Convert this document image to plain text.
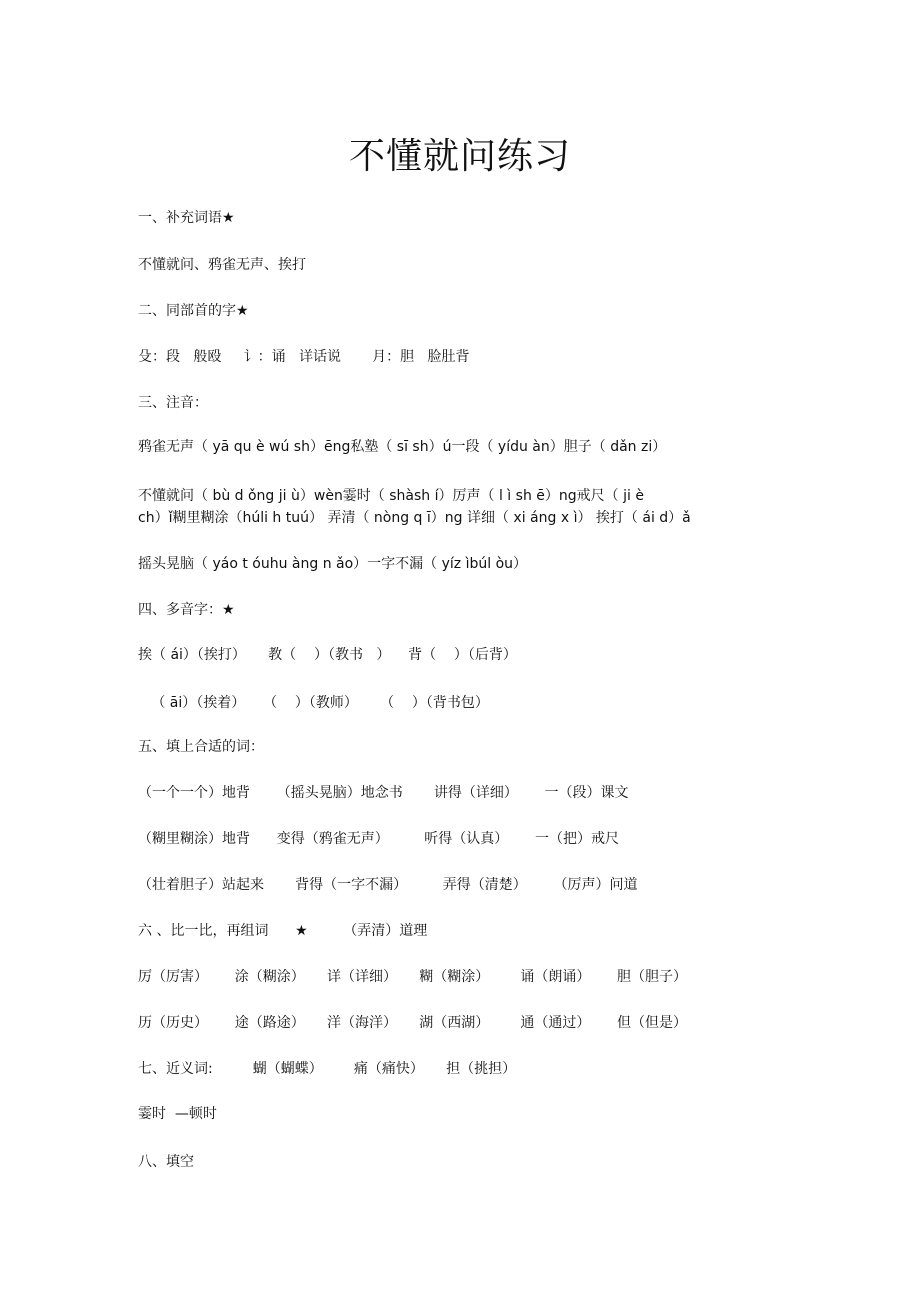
不懂就问练习
一、补充词语★
不懂就问、鸦雀无声、挨打
二、同部首的字★
殳：段   般殴     讠：诵   详话说       月：胆   脸肚背
三、注音：
鸦雀无声（ yā qu è wú sh）ēng私塾（ sī sh）ú一段（ yídu àn）胆子（ dǎn zi）
不懂就问（ bù d ǒng ji ù）wèn霎时（ shàsh í）厉声（ l ì sh ē）ng戒尺（ ji è
ch）ǐ糊里糊涂（húli h tuú） 弄清（ nòng q ī）ng 详细（ xi áng x ì） 挨打（ ái d）ǎ
摇头晃脑（ yáo t óuhu àng n ǎo）一字不漏（ yíz ìbúl òu）
四、多音字：★
挨（ ái）（挨打）     教（    ）（教书   ）    背（    ）（后背）
（ āi）（挨着）    （    ）（教师）     （    ）（背书包）
五、填上合适的词：
（一个一个）地背      （摇头晃脑）地念书       讲得（详细）      一（段）课文
（糊里糊涂）地背      变得（鸦雀无声）        听得（认真）      一（把）戒尺
（壮着胆子）站起来       背得（一字不漏）        弄得（清楚）      （厉声）问道
六 、比一比，再组词      ★        （弄清）道理
厉（厉害）      涂（糊涂）     详（详细）     糊（糊涂）       诵（朗诵）      胆（胆子）
历（历史）      途（路途）     洋（海洋）     湖（西湖）       通（通过）      但（但是）
七、近义词:         蝴（蝴蝶）       痛（痛快）     担（挑担）
霎时  —顿时
八、填空
